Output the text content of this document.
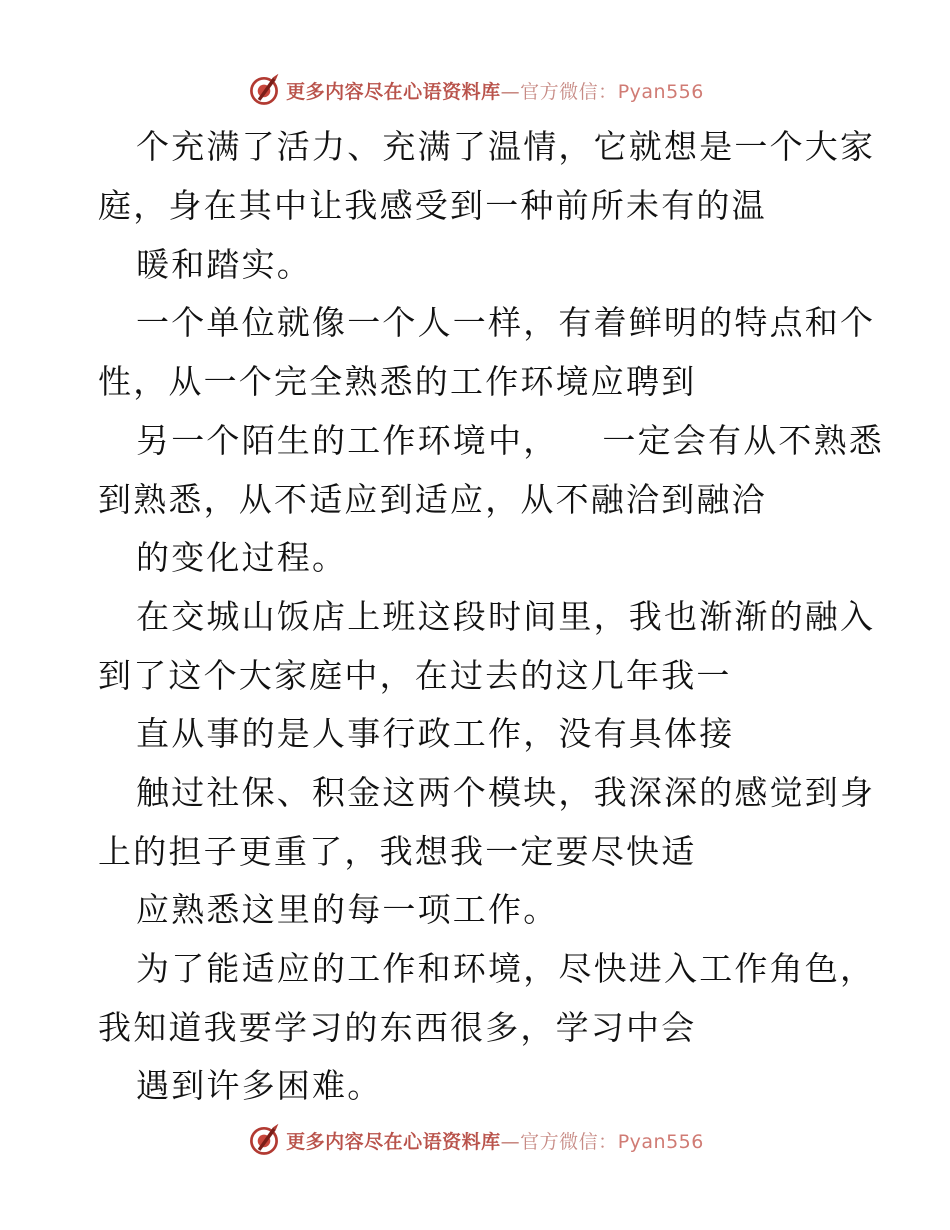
更多内容尽在心语资料库—官方微信：Pyan556
个充满了活力、充满了温情，它就想是一个大家
庭，身在其中让我感受到一种前所未有的温
暖和踏实。
一个单位就像一个人一样，有着鲜明的特点和个
性，从一个完全熟悉的工作环境应聘到
另一个陌生的工作环境中， 一定会有从不熟悉
到熟悉，从不适应到适应，从不融洽到融洽
的变化过程。
在交城山饭店上班这段时间里，我也渐渐的融入
到了这个大家庭中，在过去的这几年我一
直从事的是人事行政工作，没有具体接
触过社保、积金这两个模块，我深深的感觉到身
上的担子更重了，我想我一定要尽快适
应熟悉这里的每一项工作。
为了能适应的工作和环境，尽快进入工作角色，
我知道我要学习的东西很多，学习中会
遇到许多困难。
更多内容尽在心语资料库—官方微信：Pyan556
